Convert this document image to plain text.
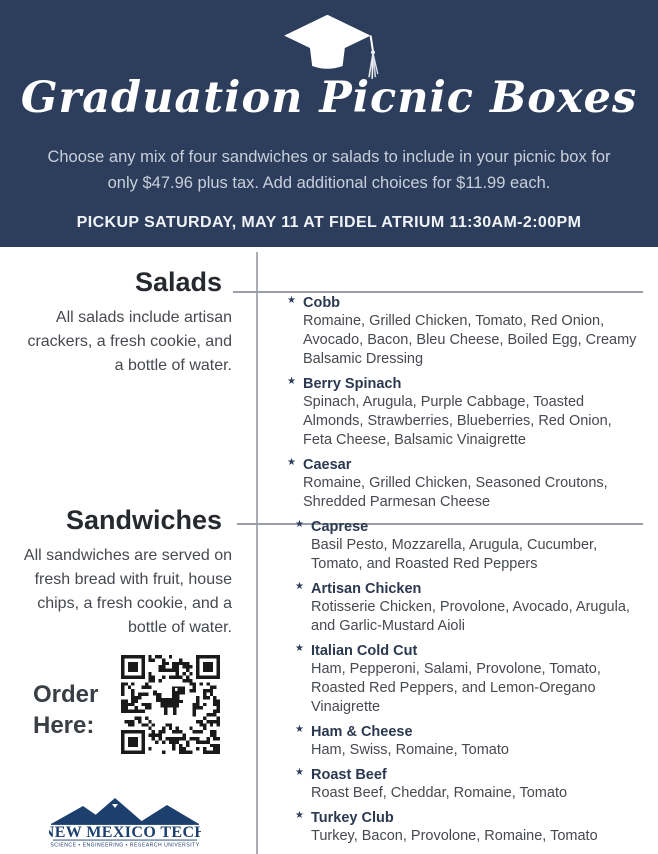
Graduation Picnic Boxes
Choose any mix of four sandwiches or salads to include in your picnic box for only $47.96 plus tax. Add additional choices for $11.99 each.
PICKUP SATURDAY, MAY 11 AT FIDEL ATRIUM 11:30AM-2:00PM
Salads
All salads include artisan crackers, a fresh cookie, and a bottle of water.
Sandwiches
All sandwiches are served on fresh bread with fruit, house chips, a fresh cookie, and a bottle of water.
Order Here:
NEW MEXICO TECH
SCIENCE • ENGINEERING • RESEARCH UNIVERSITY
★ Cobb
Romaine, Grilled Chicken, Tomato, Red Onion, Avocado, Bacon, Bleu Cheese, Boiled Egg, Creamy Balsamic Dressing
★ Berry Spinach
Spinach, Arugula, Purple Cabbage, Toasted Almonds, Strawberries, Blueberries, Red Onion, Feta Cheese, Balsamic Vinaigrette
★ Caesar
Romaine, Grilled Chicken, Seasoned Croutons, Shredded Parmesan Cheese
★ Caprese
Basil Pesto, Mozzarella, Arugula, Cucumber, Tomato, and Roasted Red Peppers
★ Artisan Chicken
Rotisserie Chicken, Provolone, Avocado, Arugula, and Garlic-Mustard Aioli
★ Italian Cold Cut
Ham, Pepperoni, Salami, Provolone, Tomato, Roasted Red Peppers, and Lemon-Oregano Vinaigrette
★ Ham & Cheese
Ham, Swiss, Romaine, Tomato
★ Roast Beef
Roast Beef, Cheddar, Romaine, Tomato
★ Turkey Club
Turkey, Bacon, Provolone, Romaine, Tomato
